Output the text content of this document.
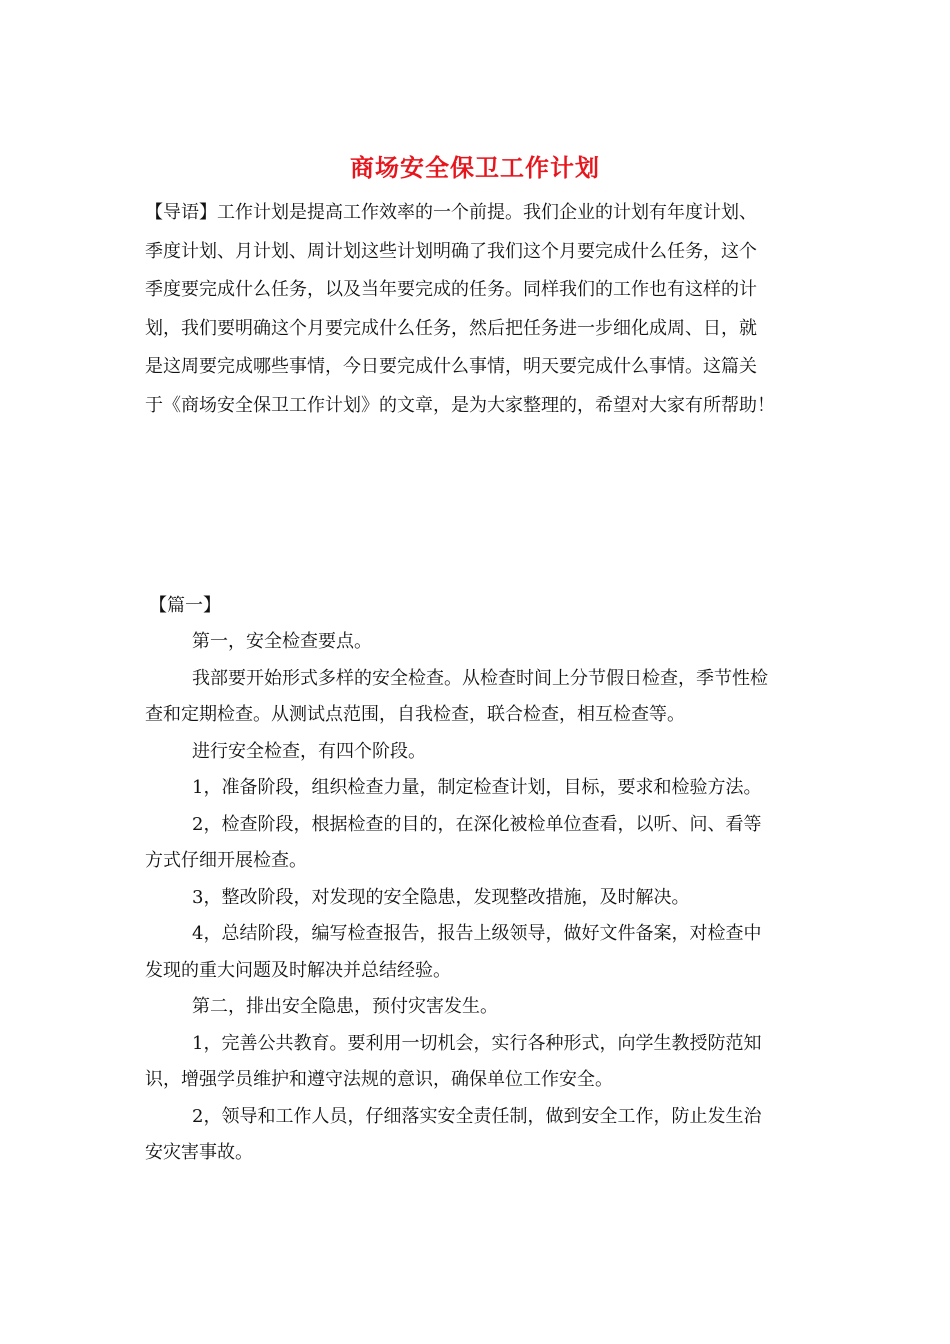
商场安全保卫工作计划

【导语】工作计划是提高工作效率的一个前提。我们企业的计划有年度计划、
季度计划、月计划、周计划这些计划明确了我们这个月要完成什么任务，这个
季度要完成什么任务，以及当年要完成的任务。同样我们的工作也有这样的计
划，我们要明确这个月要完成什么任务，然后把任务进一步细化成周、日，就
是这周要完成哪些事情，今日要完成什么事情，明天要完成什么事情。这篇关
于《商场安全保卫工作计划》的文章，是为大家整理的，希望对大家有所帮助！

【篇一】

第一，安全检查要点。

我部要开始形式多样的安全检查。从检查时间上分节假日检查，季节性检
查和定期检查。从测试点范围，自我检查，联合检查，相互检查等。

进行安全检查，有四个阶段。

1，准备阶段，组织检查力量，制定检查计划，目标，要求和检验方法。

2，检查阶段，根据检查的目的，在深化被检单位查看，以听、问、看等
方式仔细开展检查。

3，整改阶段，对发现的安全隐患，发现整改措施，及时解决。

4，总结阶段，编写检查报告，报告上级领导，做好文件备案，对检查中
发现的重大问题及时解决并总结经验。

第二，排出安全隐患，预付灾害发生。

1，完善公共教育。要利用一切机会，实行各种形式，向学生教授防范知
识，增强学员维护和遵守法规的意识，确保单位工作安全。

2，领导和工作人员，仔细落实安全责任制，做到安全工作，防止发生治
安灾害事故。
